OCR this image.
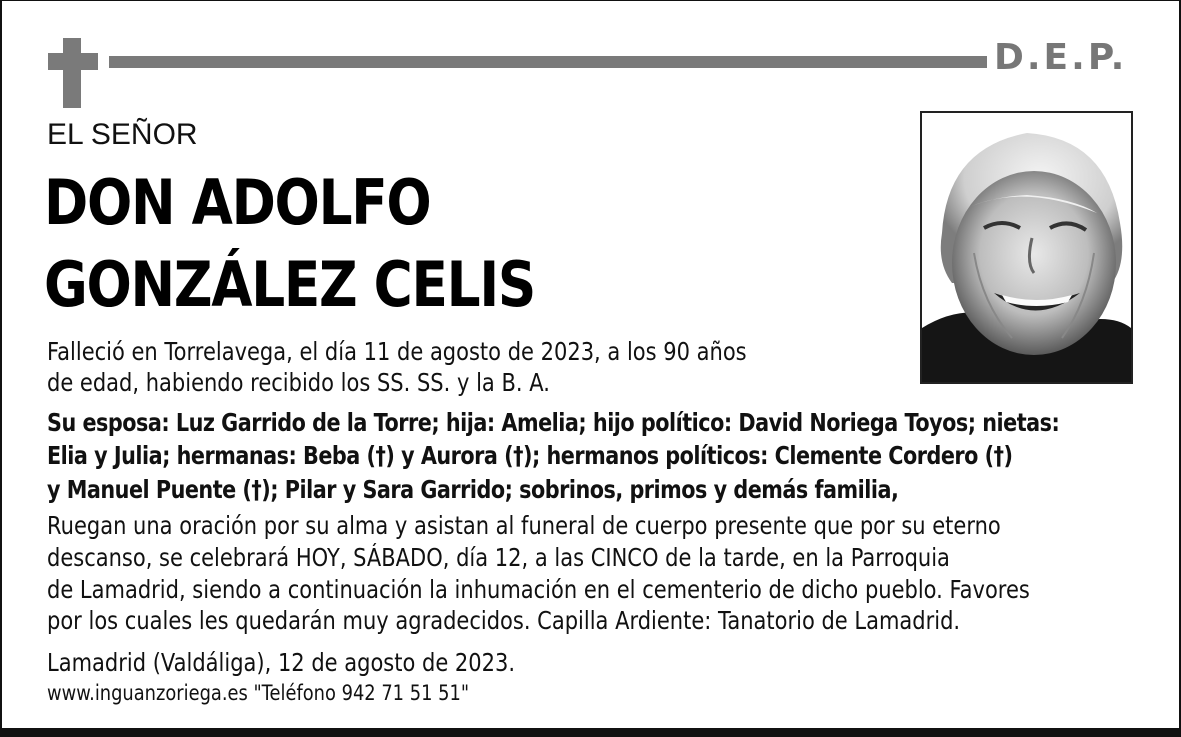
D.E.P.
EL SEÑOR
DON ADOLFO
GONZÁLEZ CELIS
Falleció en Torrelavega, el día 11 de agosto de 2023, a los 90 años
de edad, habiendo recibido los SS. SS. y la B. A.
Su esposa: Luz Garrido de la Torre; hija: Amelia; hijo político: David Noriega Toyos; nietas:
Elia y Julia; hermanas: Beba (†) y Aurora (†); hermanos políticos: Clemente Cordero (†)
y Manuel Puente (†); Pilar y Sara Garrido; sobrinos, primos y demás familia,
Ruegan una oración por su alma y asistan al funeral de cuerpo presente que por su eterno
descanso, se celebrará HOY, SÁBADO, día 12, a las CINCO de la tarde, en la Parroquia
de Lamadrid, siendo a continuación la inhumación en el cementerio de dicho pueblo. Favores
por los cuales les quedarán muy agradecidos. Capilla Ardiente: Tanatorio de Lamadrid.
Lamadrid (Valdáliga), 12 de agosto de 2023.
www.inguanzoriega.es "Teléfono 942 71 51 51"
